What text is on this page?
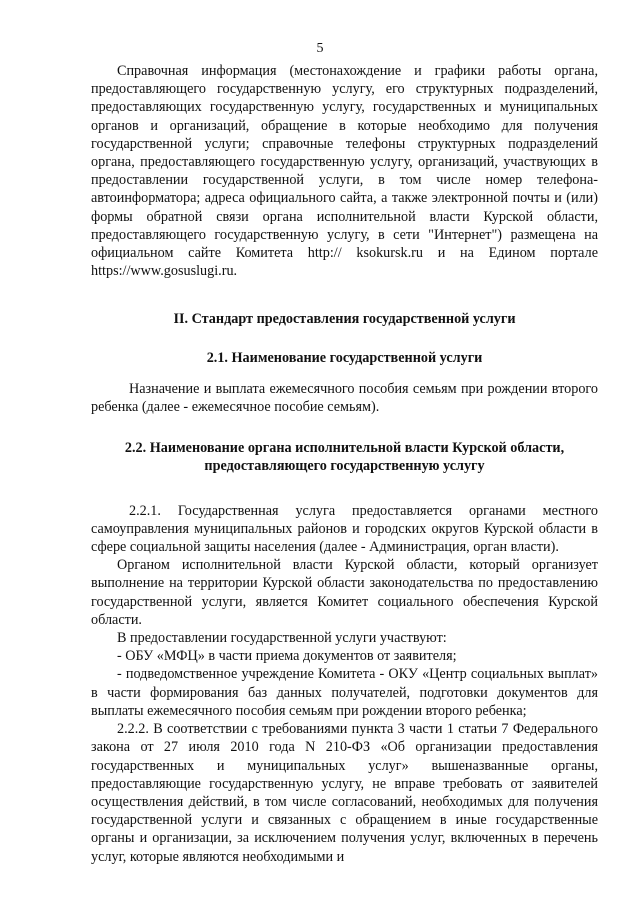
5

Справочная информация (местонахождение и графики работы органа, предоставляющего государственную услугу, его структурных подразделений, предоставляющих государственную услугу, государственных и муниципальных органов и организаций, обращение в которые необходимо для получения государственной услуги; справочные телефоны структурных подразделений органа, предоставляющего государственную услугу, организаций, участвующих в предоставлении государственной услуги, в том числе номер телефона-автоинформатора; адреса официального сайта, а также электронной почты и (или) формы обратной связи органа исполнительной власти Курской области, предоставляющего государственную услугу, в сети "Интернет") размещена на официальном сайте Комитета http:// ksokursk.ru и на Едином портале https://www.gosuslugi.ru.

II. Стандарт предоставления государственной услуги

2.1. Наименование государственной услуги

Назначение и выплата ежемесячного пособия семьям при рождении второго ребенка (далее - ежемесячное пособие семьям).

2.2. Наименование органа исполнительной власти Курской области, предоставляющего государственную услугу

2.2.1. Государственная услуга предоставляется органами местного самоуправления муниципальных районов и городских округов Курской области в сфере социальной защиты населения (далее - Администрация, орган власти).

Органом исполнительной власти Курской области, который организует выполнение на территории Курской области законодательства по предоставлению государственной услуги, является Комитет социального обеспечения Курской области.

В предоставлении государственной услуги участвуют:

- ОБУ «МФЦ» в части приема документов от заявителя;

- подведомственное учреждение Комитета - ОКУ «Центр социальных выплат» в части формирования баз данных получателей, подготовки документов для выплаты ежемесячного пособия семьям при рождении второго ребенка;

2.2.2. В соответствии с требованиями пункта 3 части 1 статьи 7 Федерального закона от 27 июля 2010 года N 210-ФЗ «Об организации предоставления государственных и муниципальных услуг» вышеназванные органы, предоставляющие государственную услугу, не вправе требовать от заявителей осуществления действий, в том числе согласований, необходимых для получения государственной услуги и связанных с обращением в иные государственные органы и организации, за исключением получения услуг, включенных в перечень услуг, которые являются необходимыми и
